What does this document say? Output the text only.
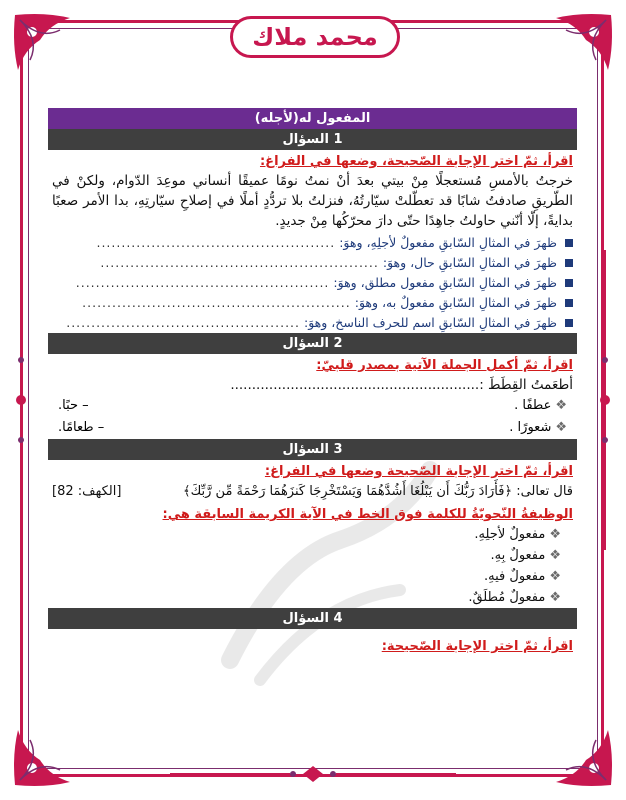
محمد ملاك
المفعول له(لأجله)
1 السؤال
اقرأ، ثمّ اختر الإجابة الصّحيحة، وضعها في الفراغ:
خرجتُ بالأمسِ مُستعجلًا مِنْ بيتي بعدَ أنْ نمتُ نومًا عميقًا أنساني موعِدَ الدّوام، ولكنْ في الطّريقِ صادفتُ شابًا قد تعطّلتْ سيّارتُهُ، فنزلتُ بلا تردُّدٍ أملًا في إصلاحِ سيّارتِهِ، بدا الأمر صعبًا بدايةً، إلّا أنّني حاولتُ جاهِدًا حتّى دارَ محرّكُها مِنْ جديدٍ.
ظهرَ في المثالِ السّابقِ مفعولٌ لأجلِهِ، وهوَ:
................................................
ظهرَ في المثالِ السّابقِ حال، وهوَ:
........................................................
ظهرَ في المثالِ السّابقِ مفعول مطلق، وهوَ:
...................................................
ظهرَ في المثالِ السّابقِ مفعولٌ به، وهوَ:
......................................................
ظهرَ في المثالِ السّابقِ اسم للحرف الناسخ، وهوَ:
...............................................
2 السؤال
اقرأ، ثمّ أكمل الجملة الآتية بمصدر قلبيّ:
أطعَمتُ القِطَطَ :..........................................................
❖عطفًا .
– حبًا.
❖شعورًا .
– طعامًا.
3 السؤال
اقرأ، ثمّ اختر الإجابة الصّحيحة وضعها في الفراغ:
قال تعالى: ﴿فَأَرَادَ رَبُّكَ أَن يَبْلُغَا أَشُدَّهُمَا وَيَسْتَخْرِجَا كَنزَهُمَا رَحْمَةً مِّن رَّبِّكَ﴾
[الكهف: 82]
الوظيفةُ النّحويّةُ للكلمة فوق الخط في الآية الكريمة السابقة هي:
❖مفعولٌ لأجلِهِ.
❖مفعولٌ بِهِ.
❖مفعولٌ فيهِ.
❖مفعولٌ مُطلَقٌ.
4 السؤال
اقرأ، ثمّ اختر الإجابة الصّحيحة:
